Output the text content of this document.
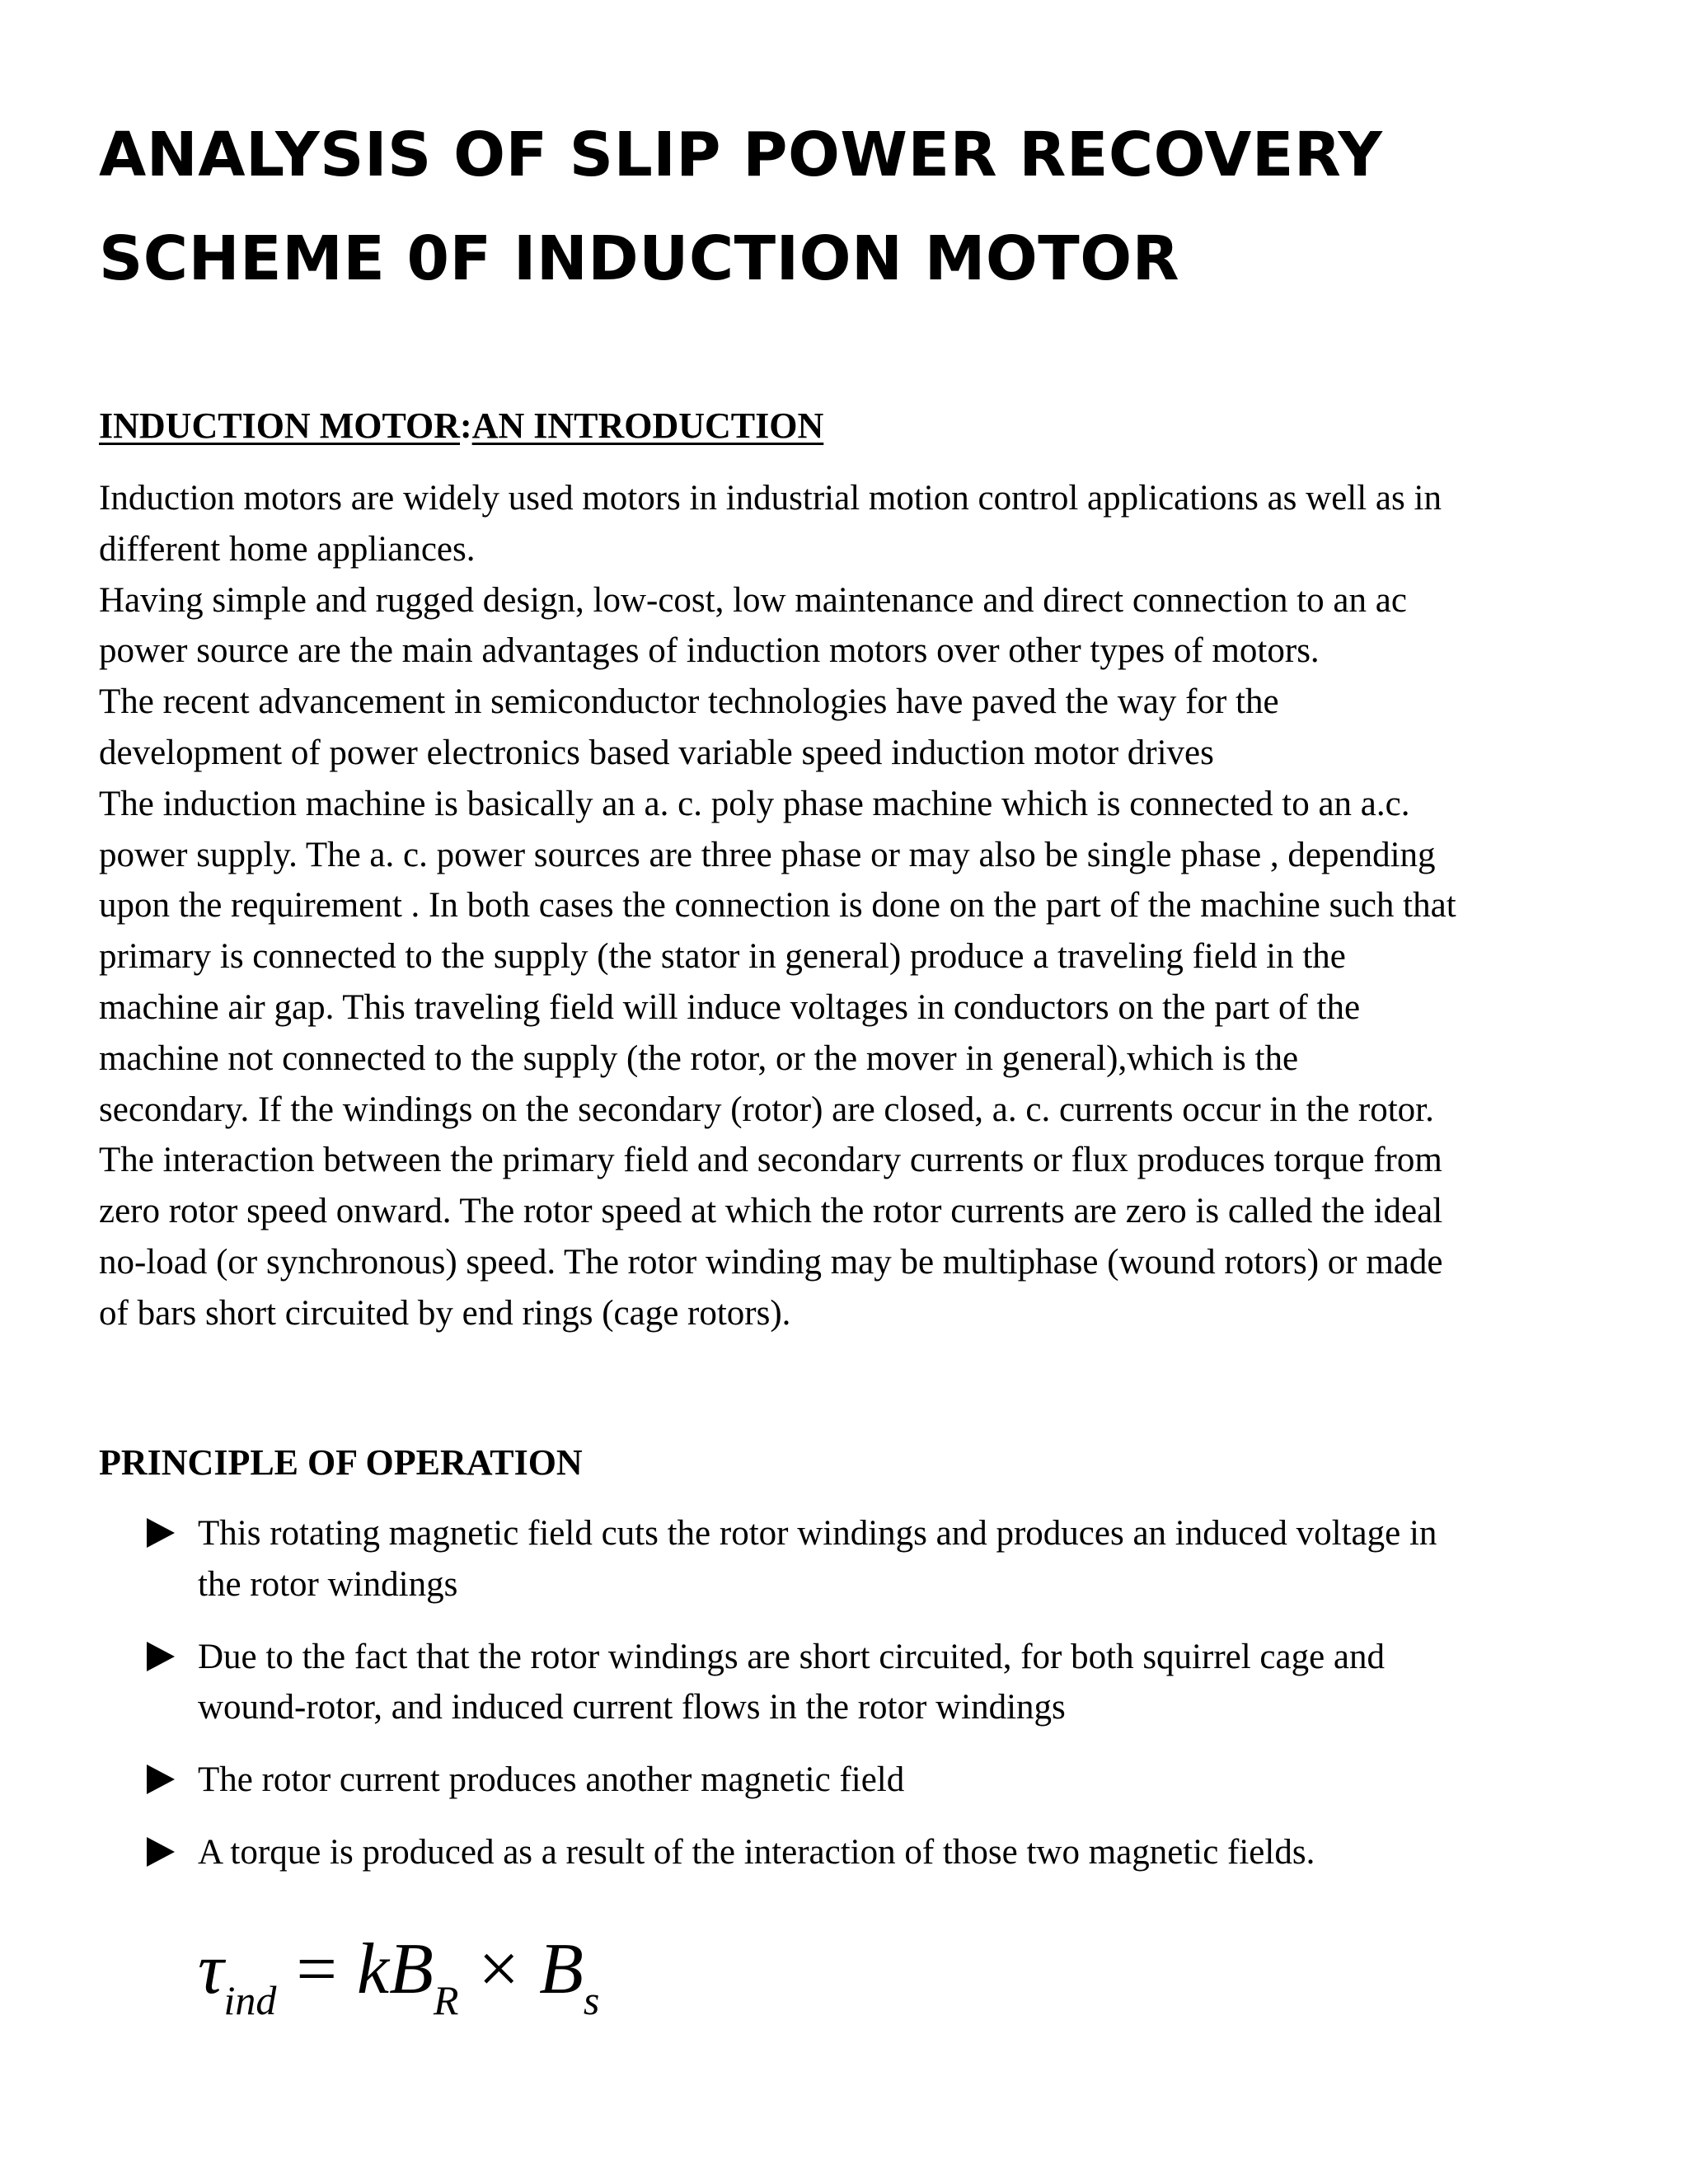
ANALYSIS OF SLIP POWER RECOVERY
SCHEME 0F INDUCTION MOTOR
INDUCTION MOTOR:AN INTRODUCTION

Induction motors are widely used motors in industrial motion control applications as well as in
different home appliances.
Having simple and rugged design, low-cost, low maintenance and direct connection to an ac
power source are the main advantages of induction motors over other types of motors.
The recent advancement in semiconductor technologies have paved the way for the
development of power electronics based variable speed induction motor drives
The induction machine is basically an a. c. poly phase machine which is connected to an a.c.
power supply. The a. c. power sources are three phase or may also be single phase , depending
upon the requirement . In both cases the connection is done on the part of the machine such that
primary is connected to the supply (the stator in general) produce a traveling field in the
machine air gap. This traveling field will induce voltages in conductors on the part of the
machine not connected to the supply (the rotor, or the mover in general),which is the
secondary. If the windings on the secondary (rotor) are closed, a. c. currents occur in the rotor.
The interaction between the primary field and secondary currents or flux produces torque from
zero rotor speed onward. The rotor speed at which the rotor currents are zero is called the ideal
no-load (or synchronous) speed. The rotor winding may be multiphase (wound rotors) or made
of bars short circuited by end rings (cage rotors).

PRINCIPLE OF OPERATION
This rotating magnetic field cuts the rotor windings and produces an induced voltage in
the rotor windings
Due to the fact that the rotor windings are short circuited, for both squirrel cage and
wound-rotor, and induced current flows in the rotor windings
The rotor current produces another magnetic field
A torque is produced as a result of the interaction of those two magnetic fields.
$\tau_{ind} = kB_R \times B_s$
